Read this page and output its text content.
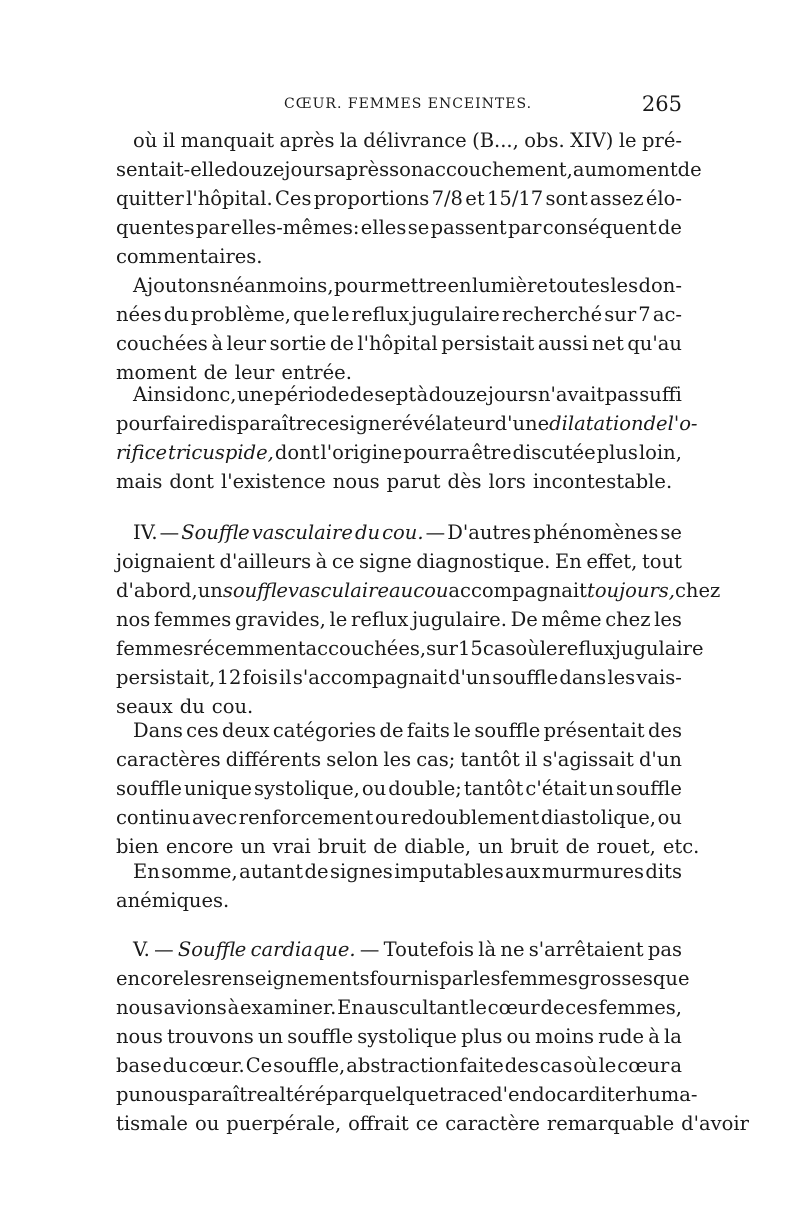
CŒUR. FEMMES ENCEINTES.	265
où il manquait après la délivrance (B..., obs. XIV) le pré-
sentait-elle douze jours après son accouchement, au moment de
quitter l'hôpital. Ces proportions 7/8 et 15/17 sont assez élo-
quentes par elles-mêmes: elles se passent par conséquent de
commentaires.
Ajoutons néanmoins, pour mettre en lumière toutes les don-
nées du problème, que le reflux jugulaire recherché sur 7 ac-
couchées à leur sortie de l'hôpital persistait aussi net qu'au
moment de leur entrée.
Ainsi donc, une période de sept à douze jours n'avait pas suffi
pour faire disparaître ce signe révélateur d'une dilatation de l'o-
rifice tricuspide, dont l'origine pourra être discutée plus loin,
mais dont l'existence nous parut dès lors incontestable.
IV. — Souffle vasculaire du cou. — D'autres phénomènes se
joignaient d'ailleurs à ce signe diagnostique. En effet, tout
d'abord, un souffle vasculaire au cou accompagnait toujours, chez
nos femmes gravides, le reflux jugulaire. De même chez les
femmes récemment accouchées, sur 15 cas où le reflux jugulaire
persistait, 12 fois il s'accompagnait d'un souffle dans les vais-
seaux du cou.
Dans ces deux catégories de faits le souffle présentait des
caractères différents selon les cas; tantôt il s'agissait d'un
souffle unique systolique, ou double; tantôt c'était un souffle
continu avec renforcement ou redoublement diastolique, ou
bien encore un vrai bruit de diable, un bruit de rouet, etc.
En somme, autant de signes imputables aux murmures dits
anémiques.
V. — Souffle cardiaque. — Toutefois là ne s'arrêtaient pas
encore les renseignements fournis par les femmes grosses que
nous avions à examiner. En auscultant le cœur de ces femmes,
nous trouvons un souffle systolique plus ou moins rude à la
base du cœur. Ce souffle, abstraction faite des cas où le cœur a
pu nous paraître altéré par quelque trace d'endocardite rhuma-
tismale ou puerpérale, offrait ce caractère remarquable d'avoir
